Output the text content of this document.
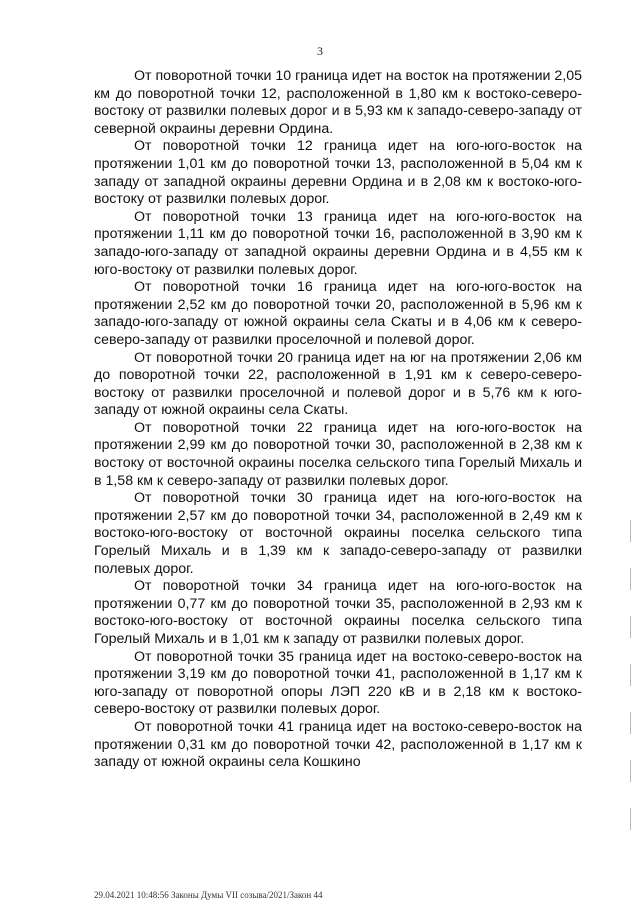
3

От поворотной точки 10 граница идет на восток на протяжении 2,05 км до поворотной точки 12, расположенной в 1,80 км к востоко-северо-востоку от развилки полевых дорог и в 5,93 км к западо-северо-западу от северной окраины деревни Ордина.

От поворотной точки 12 граница идет на юго-юго-восток на протяжении 1,01 км до поворотной точки 13, расположенной в 5,04 км к западу от западной окраины деревни Ордина и в 2,08 км к востоко-юго-востоку от развилки полевых дорог.

От поворотной точки 13 граница идет на юго-юго-восток на протяжении 1,11 км до поворотной точки 16, расположенной в 3,90 км к западо-юго-западу от западной окраины деревни Ордина и в 4,55 км к юго-востоку от развилки полевых дорог.

От поворотной точки 16 граница идет на юго-юго-восток на протяжении 2,52 км до поворотной точки 20, расположенной в 5,96 км к западо-юго-западу от южной окраины села Скаты и в 4,06 км к северо-северо-западу от развилки проселочной и полевой дорог.

От поворотной точки 20 граница идет на юг на протяжении 2,06 км до поворотной точки 22, расположенной в 1,91 км к северо-северо-востоку от развилки проселочной и полевой дорог и в 5,76 км к юго-западу от южной окраины села Скаты.

От поворотной точки 22 граница идет на юго-юго-восток на протяжении 2,99 км до поворотной точки 30, расположенной в 2,38 км к востоку от восточной окраины поселка сельского типа Горелый Михаль и в 1,58 км к северо-западу от развилки полевых дорог.

От поворотной точки 30 граница идет на юго-юго-восток на протяжении 2,57 км до поворотной точки 34, расположенной в 2,49 км к востоко-юго-востоку от восточной окраины поселка сельского типа Горелый Михаль и в 1,39 км к западо-северо-западу от развилки полевых дорог.

От поворотной точки 34 граница идет на юго-юго-восток на протяжении 0,77 км до поворотной точки 35, расположенной в 2,93 км к востоко-юго-востоку от восточной окраины поселка сельского типа Горелый Михаль и в 1,01 км к западу от развилки полевых дорог.

От поворотной точки 35 граница идет на востоко-северо-восток на протяжении 3,19 км до поворотной точки 41, расположенной в 1,17 км к юго-западу от поворотной опоры ЛЭП 220 кВ и в 2,18 км к востоко-северо-востоку от развилки полевых дорог.

От поворотной точки 41 граница идет на востоко-северо-восток на протяжении 0,31 км до поворотной точки 42, расположенной в 1,17 км к западу от южной окраины села Кошкино

29.04.2021 10:48:56 Законы Думы VII созыва/2021/Закон 44
